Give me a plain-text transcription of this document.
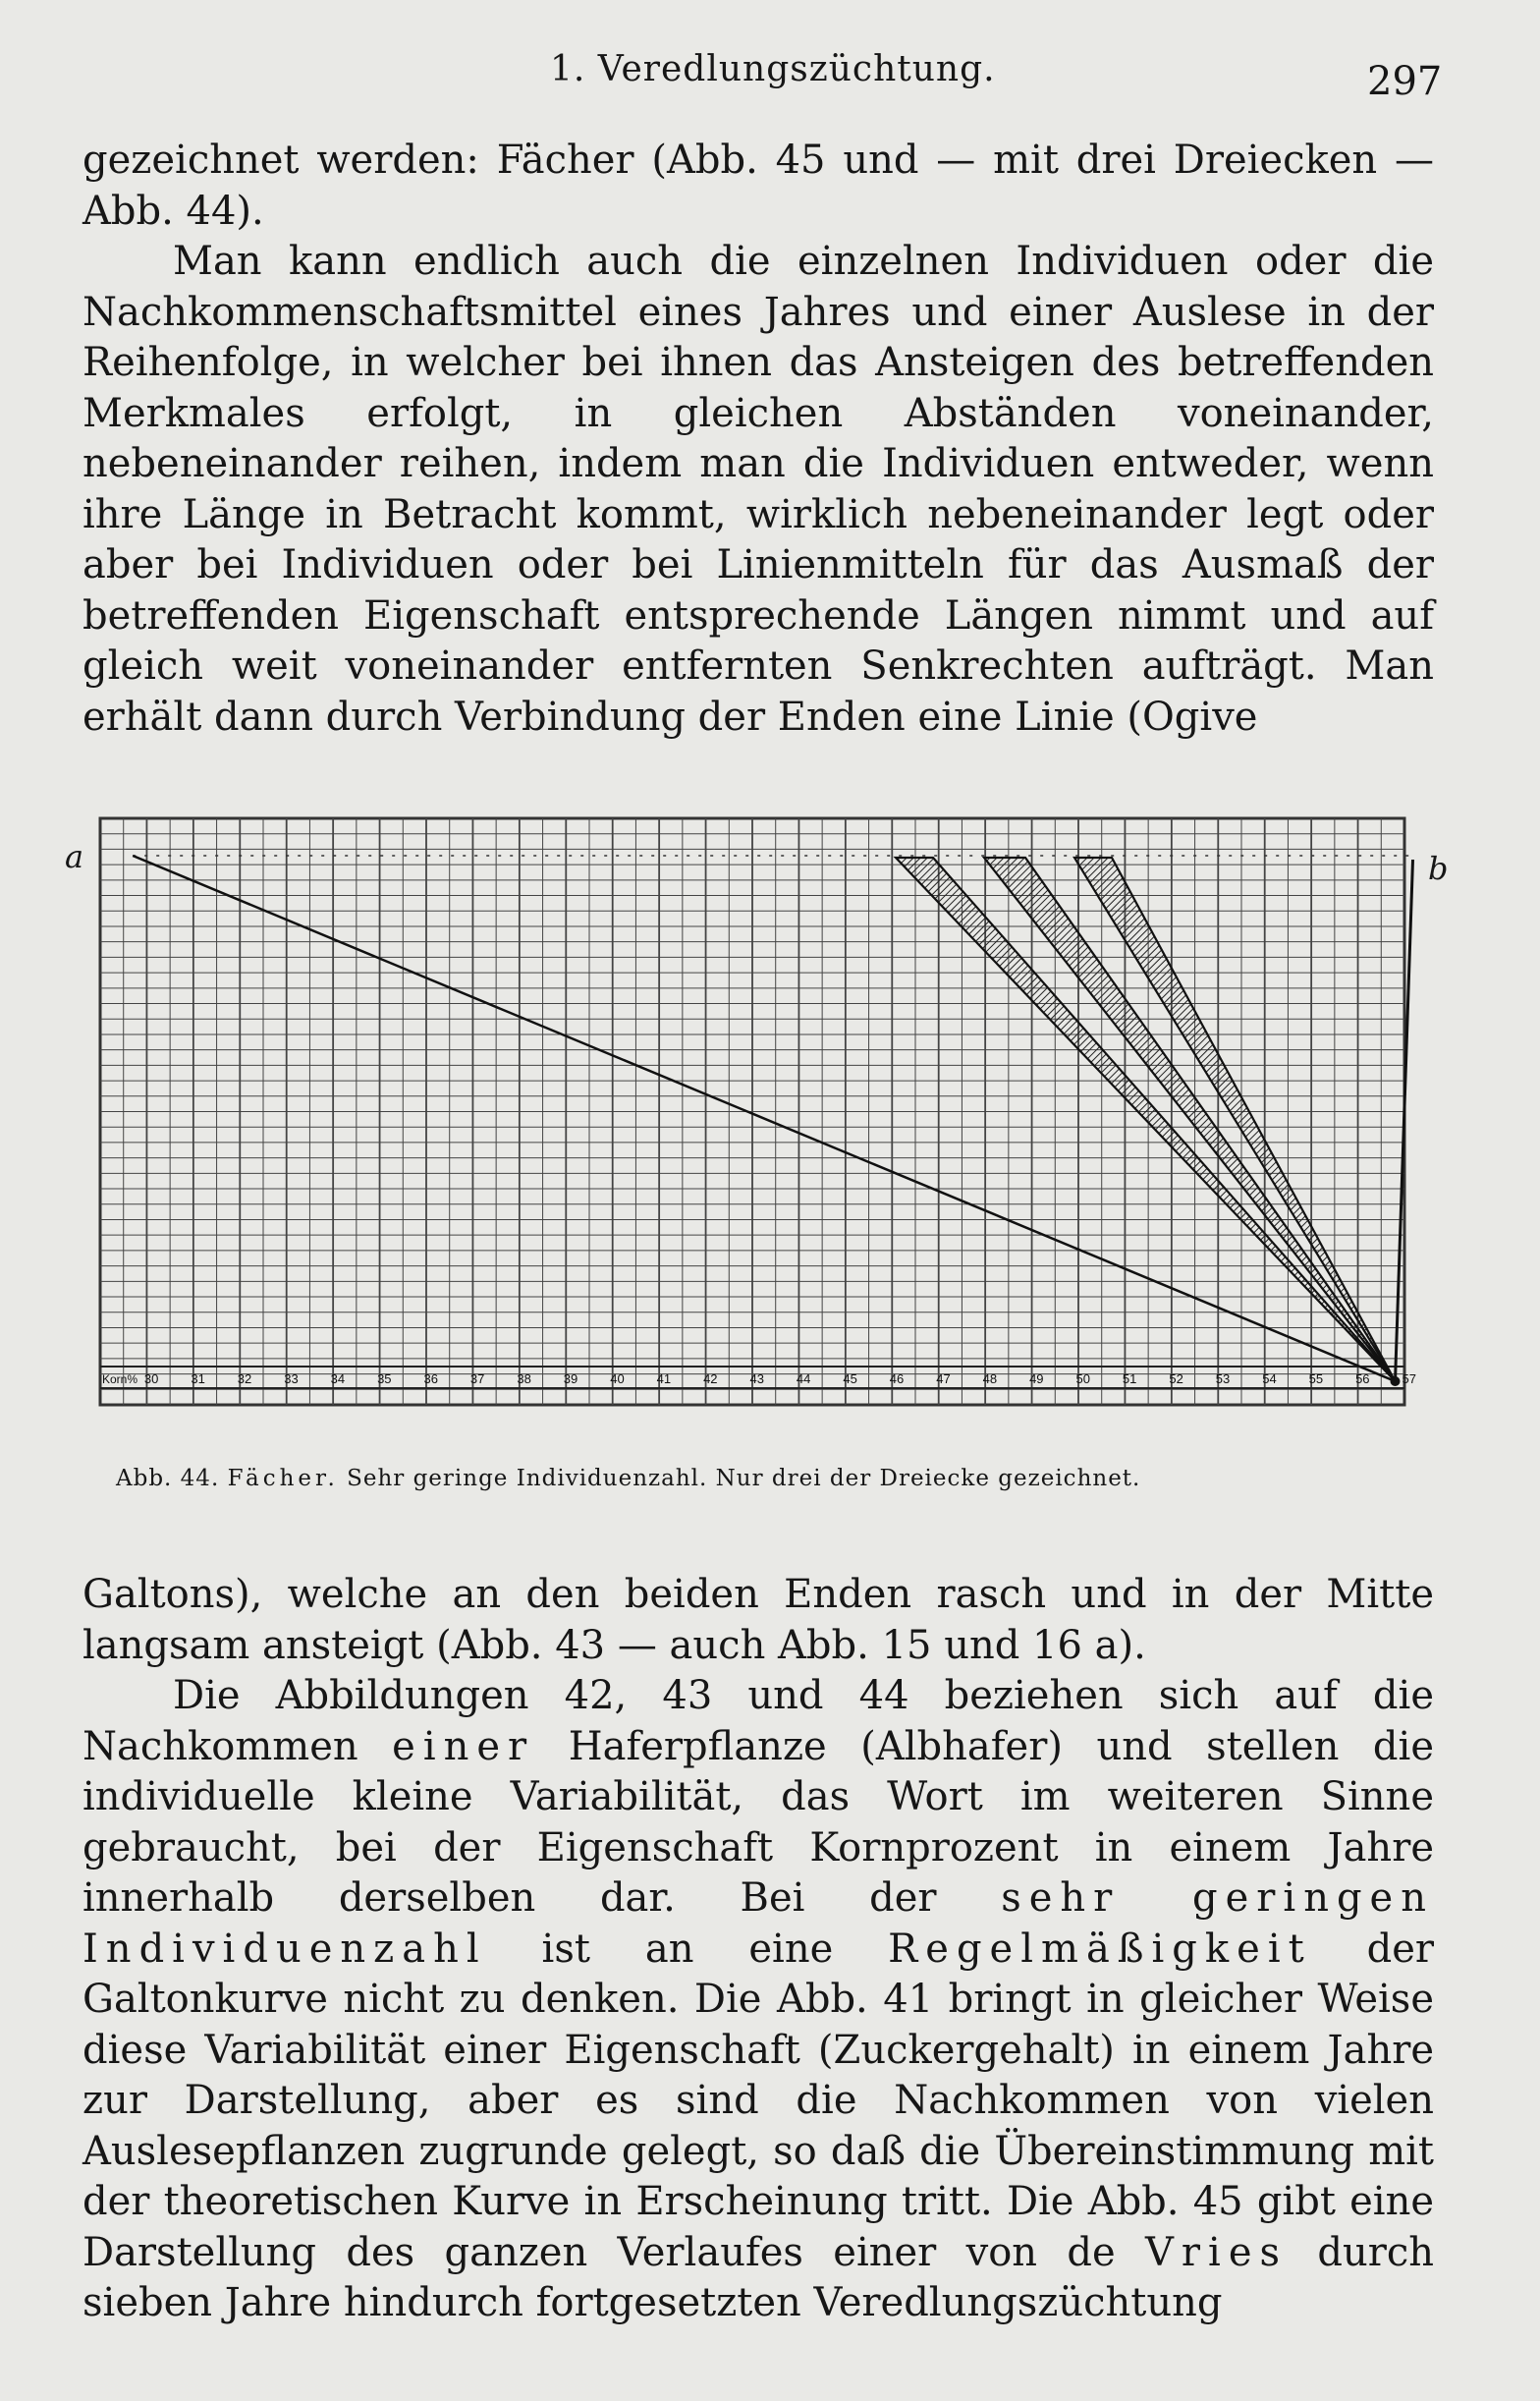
1. Veredlungszüchtung.	297

gezeichnet werden: Fächer (Abb. 45 und — mit drei Dreiecken — Abb. 44).
Man kann endlich auch die einzelnen Individuen oder die Nachkommenschaftsmittel eines Jahres und einer Auslese in der Reihenfolge, in welcher bei ihnen das Ansteigen des betreffenden Merkmales erfolgt, in gleichen Abständen voneinander, nebeneinander reihen, indem man die Individuen entweder, wenn ihre Länge in Betracht kommt, wirklich nebeneinander legt oder aber bei Individuen oder bei Linienmitteln für das Ausmaß der betreffenden Eigenschaft entsprechende Längen nimmt und auf gleich weit voneinander entfernten Senkrechten aufträgt. Man erhält dann durch Verbindung der Enden eine Linie (Ogive

a	b
Korn% 30	31	32	33	34	35	36	37	38	39	40	41	42	43	44	45	46	47	48	49	50	51	52	53	54	55	56	57
Abb. 44. Fächer. Sehr geringe Individuenzahl. Nur drei der Dreiecke gezeichnet.

Galtons), welche an den beiden Enden rasch und in der Mitte langsam ansteigt (Abb. 43 — auch Abb. 15 und 16 a).
Die Abbildungen 42, 43 und 44 beziehen sich auf die Nachkommen einer Haferpflanze (Albhafer) und stellen die individuelle kleine Variabilität, das Wort im weiteren Sinne gebraucht, bei der Eigenschaft Kornprozent in einem Jahre innerhalb derselben dar. Bei der sehr geringen Individuenzahl ist an eine Regelmäßigkeit der Galtonkurve nicht zu denken. Die Abb. 41 bringt in gleicher Weise diese Variabilität einer Eigenschaft (Zuckergehalt) in einem Jahre zur Darstellung, aber es sind die Nachkommen von vielen Auslesepflanzen zugrunde gelegt, so daß die Übereinstimmung mit der theoretischen Kurve in Erscheinung tritt. Die Abb. 45 gibt eine Darstellung des ganzen Verlaufes einer von de Vries durch sieben Jahre hindurch fortgesetzten Veredlungszüchtung
